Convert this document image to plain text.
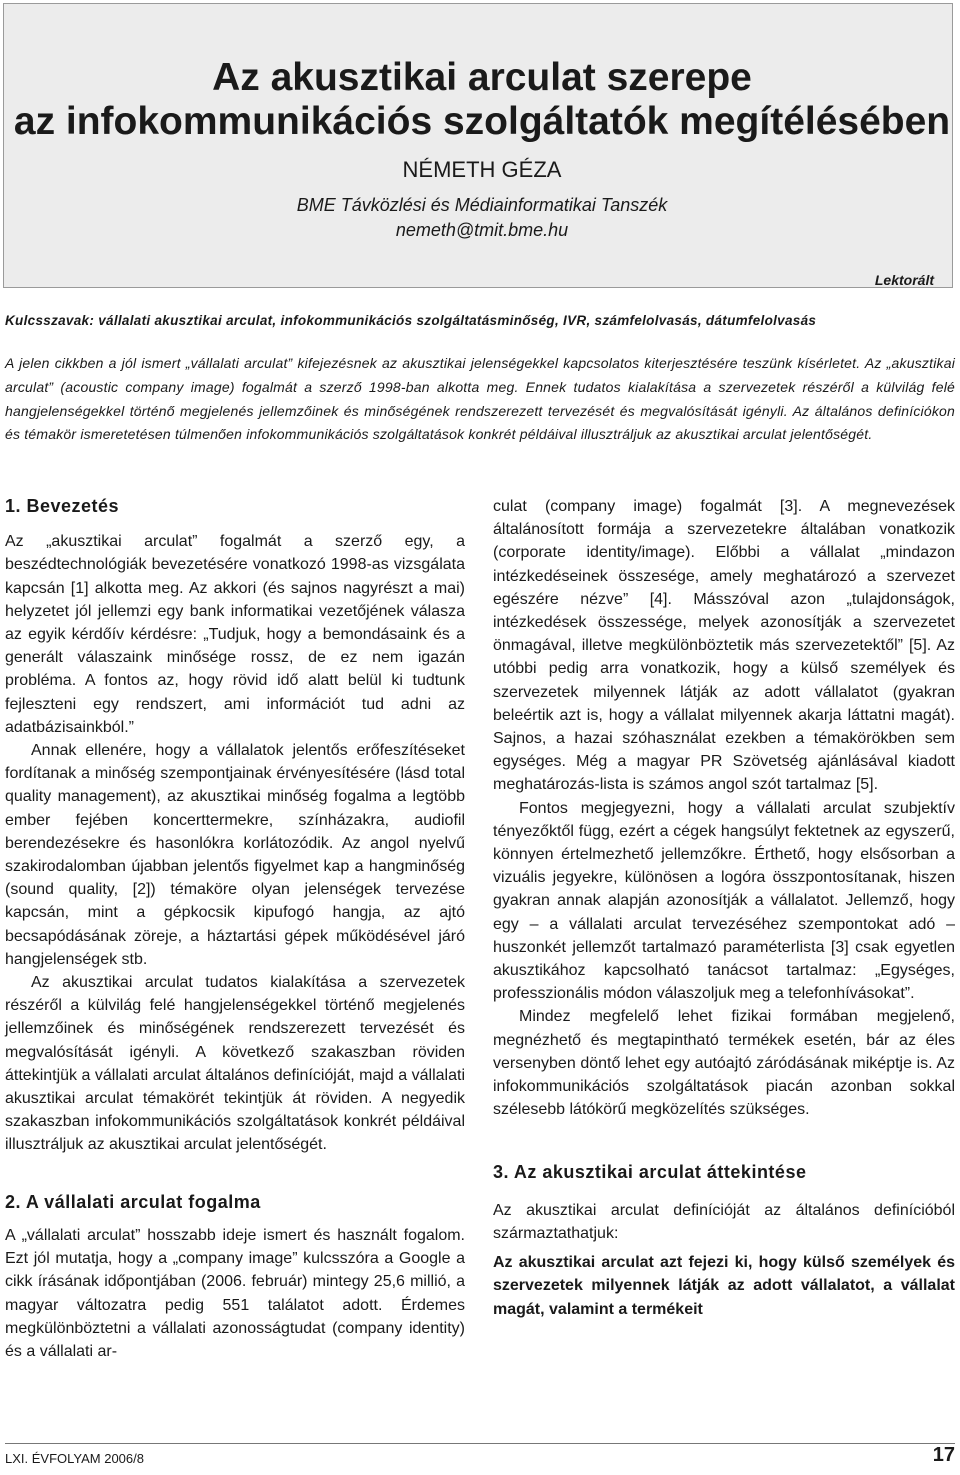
Az akusztikai arculat szerepe
az infokommunikációs szolgáltatók megítélésében
NÉMETH GÉZA
BME Távközlési és Médiainformatikai Tanszék
nemeth@tmit.bme.hu
Lektorált
Kulcsszavak: vállalati akusztikai arculat, infokommunikációs szolgáltatásminőség, IVR, számfelolvasás, dátumfelolvasás
A jelen cikkben a jól ismert „vállalati arculat” kifejezésnek az akusztikai jelenségekkel kapcsolatos kiterjesztésére teszünk kísérletet. Az „akusztikai arculat” (acoustic company image) fogalmát a szerző 1998-ban alkotta meg. Ennek tudatos kialakítása a szervezetek részéről a külvilág felé hangjelenségekkel történő megjelenés jellemzőinek és minőségének rendszerezett tervezését és megvalósítását igényli. Az általános definíciókon és témakör ismeretetésen túlmenően infokommunikációs szolgáltatások konkrét példáival illusztráljuk az akusztikai arculat jelentőségét.
1. Bevezetés

Az „akusztikai arculat” fogalmát a szerző egy, a beszédtechnológiák bevezetésére vonatkozó 1998-as vizsgálata kapcsán [1] alkotta meg. Az akkori (és sajnos nagyrészt a mai) helyzetet jól jellemzi egy bank informatikai vezetőjének válasza az egyik kérdőív kérdésre: „Tudjuk, hogy a bemondásaink és a generált válaszaink minősége rossz, de ez nem igazán probléma. A fontos az, hogy rövid idő alatt belül ki tudtunk fejleszteni egy rendszert, ami információt tud adni az adatbázisainkból.”

Annak ellenére, hogy a vállalatok jelentős erőfeszítéseket fordítanak a minőség szempontjainak érvényesítésére (lásd total quality management), az akusztikai minőség fogalma a legtöbb ember fejében koncerttermekre, színházakra, audiofil berendezésekre és hasonlókra korlátozódik. Az angol nyelvű szakirodalomban újabban jelentős figyelmet kap a hangminőség (sound quality, [2]) témaköre olyan jelenségek tervezése kapcsán, mint a gépkocsik kipufogó hangja, az ajtó becsapódásának zöreje, a háztartási gépek működésével járó hangjelenségek stb.

Az akusztikai arculat tudatos kialakítása a szervezetek részéről a külvilág felé hangjelenségekkel történő megjelenés jellemzőinek és minőségének rendszerezett tervezését és megvalósítását igényli. A következő szakaszban röviden áttekintjük a vállalati arculat általános definícióját, majd a vállalati akusztikai arculat témakörét tekintjük át röviden. A negyedik szakaszban infokommunikációs szolgáltatások konkrét példáival illusztráljuk az akusztikai arculat jelentőségét.

2. A vállalati arculat fogalma

A „vállalati arculat” hosszabb ideje ismert és használt fogalom. Ezt jól mutatja, hogy a „company image” kulcsszóra a Google a cikk írásának időpontjában (2006. február) mintegy 25,6 millió, a magyar változatra pedig 551 találatot adott. Érdemes megkülönböztetni a vállalati azonosságtudat (company identity) és a vállalati ar-

culat (company image) fogalmát [3]. A megnevezések általánosított formája a szervezetekre általában vonatkozik (corporate identity/image). Előbbi a vállalat „mindazon intézkedéseinek összesége, amely meghatározó a szervezet egészére nézve” [4]. Másszóval azon „tulajdonságok, intézkedések összessége, melyek azonosítják a szervezetet önmagával, illetve megkülönböztetik más szervezetektől” [5]. Az utóbbi pedig arra vonatkozik, hogy a külső személyek és szervezetek milyennek látják az adott vállalatot (gyakran beleértik azt is, hogy a vállalat milyennek akarja láttatni magát). Sajnos, a hazai szóhasználat ezekben a témakörökben sem egységes. Még a magyar PR Szövetség ajánlásával kiadott meghatározás-lista is számos angol szót tartalmaz [5].

Fontos megjegyezni, hogy a vállalati arculat szubjektív tényezőktől függ, ezért a cégek hangsúlyt fektetnek az egyszerű, könnyen értelmezhető jellemzőkre. Érthető, hogy elsősorban a vizuális jegyekre, különösen a logóra összpontosítanak, hiszen gyakran annak alapján azonosítják a vállalatot. Jellemző, hogy egy – a vállalati arculat tervezéséhez szempontokat adó – huszonkét jellemzőt tartalmazó paraméterlista [3] csak egyetlen akusztikához kapcsolható tanácsot tartalmaz: „Egységes, professzionális módon válaszoljuk meg a telefonhívásokat”.

Mindez megfelelő lehet fizikai formában megjelenő, megnézhető és megtapintható termékek esetén, bár az éles versenyben döntő lehet egy autóajtó záródásának miképtje is. Az infokommunikációs szolgáltatások piacán azonban sokkal szélesebb látókörű megközelítés szükséges.

3. Az akusztikai arculat áttekintése

Az akusztikai arculat definícióját az általános definícióból származtathatjuk:

Az akusztikai arculat azt fejezi ki, hogy külső személyek és szervezetek milyennek látják az adott vállalatot, a vállalat magát, valamint a termékeit

LXI. ÉVFOLYAM 2006/8	17
